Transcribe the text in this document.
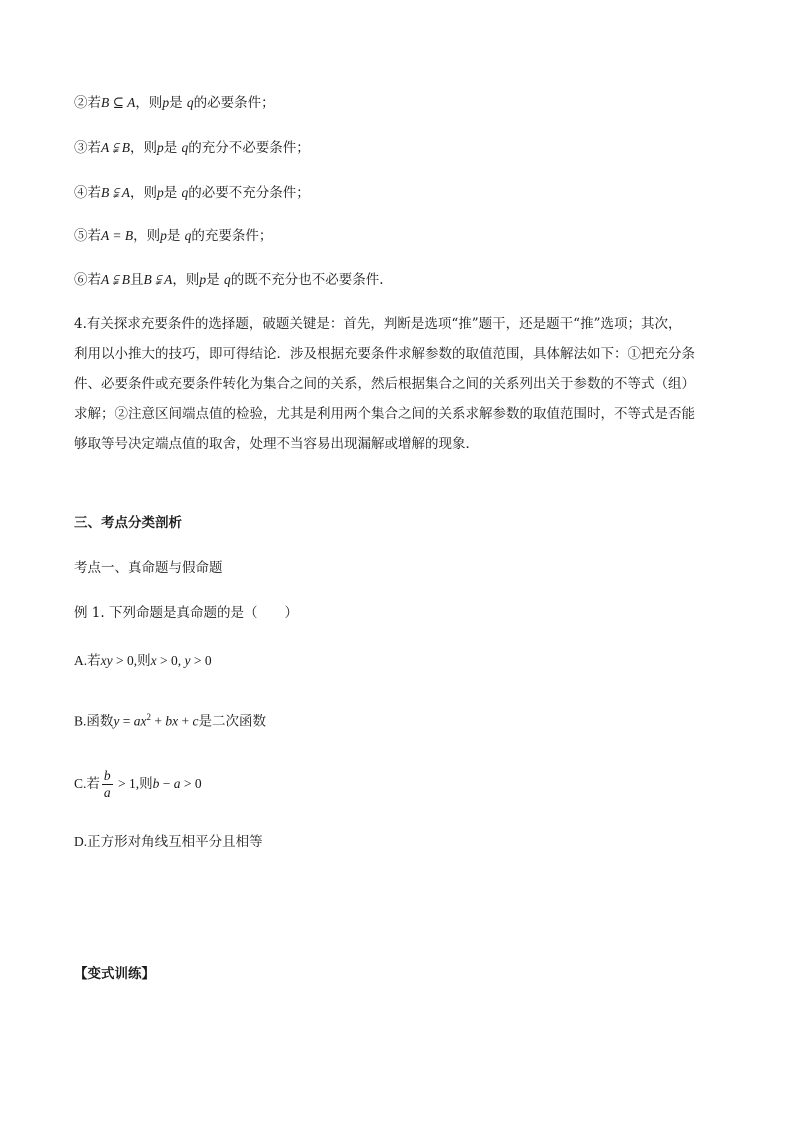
②若B ⊆ A，则p是 q的必要条件；
③若A ⫋ B，则p是 q的充分不必要条件；
④若B ⫋ A，则p是 q的必要不充分条件；
⑤若A = B，则p是 q的充要条件；
⑥若A ⫋ B且B ⫋ A，则p是 q的既不充分也不必要条件.
4.有关探求充要条件的选择题，破题关键是：首先，判断是选项“推”题干，还是题干“推”选项；其次，
利用以小推大的技巧，即可得结论．涉及根据充要条件求解参数的取值范围，具体解法如下：①把充分条
件、必要条件或充要条件转化为集合之间的关系，然后根据集合之间的关系列出关于参数的不等式（组）
求解；②注意区间端点值的检验，尤其是利用两个集合之间的关系求解参数的取值范围时，不等式是否能
够取等号决定端点值的取舍，处理不当容易出现漏解或增解的现象．
三、考点分类剖析
考点一、真命题与假命题
例 1. 下列命题是真命题的是（　　）
A.若xy > 0,则x > 0, y > 0
B.函数$y = ax^2$ + bx + c是二次函数
C.若 $\frac{b}{a} > 1$,则b − a > 0
D.正方形对角线互相平分且相等
【变式训练】
